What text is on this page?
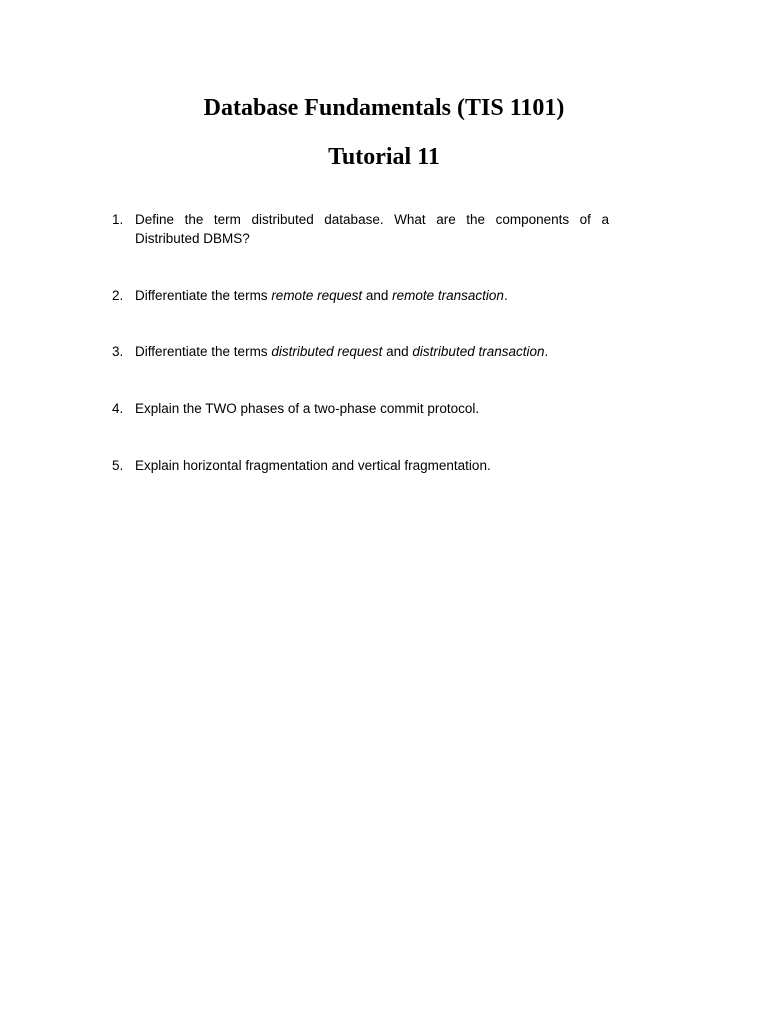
Database Fundamentals (TIS 1101)
Tutorial 11
1. Define the term distributed database. What are the components of a Distributed DBMS?
2. Differentiate the terms remote request and remote transaction.
3. Differentiate the terms distributed request and distributed transaction.
4. Explain the TWO phases of a two-phase commit protocol.
5. Explain horizontal fragmentation and vertical fragmentation.
